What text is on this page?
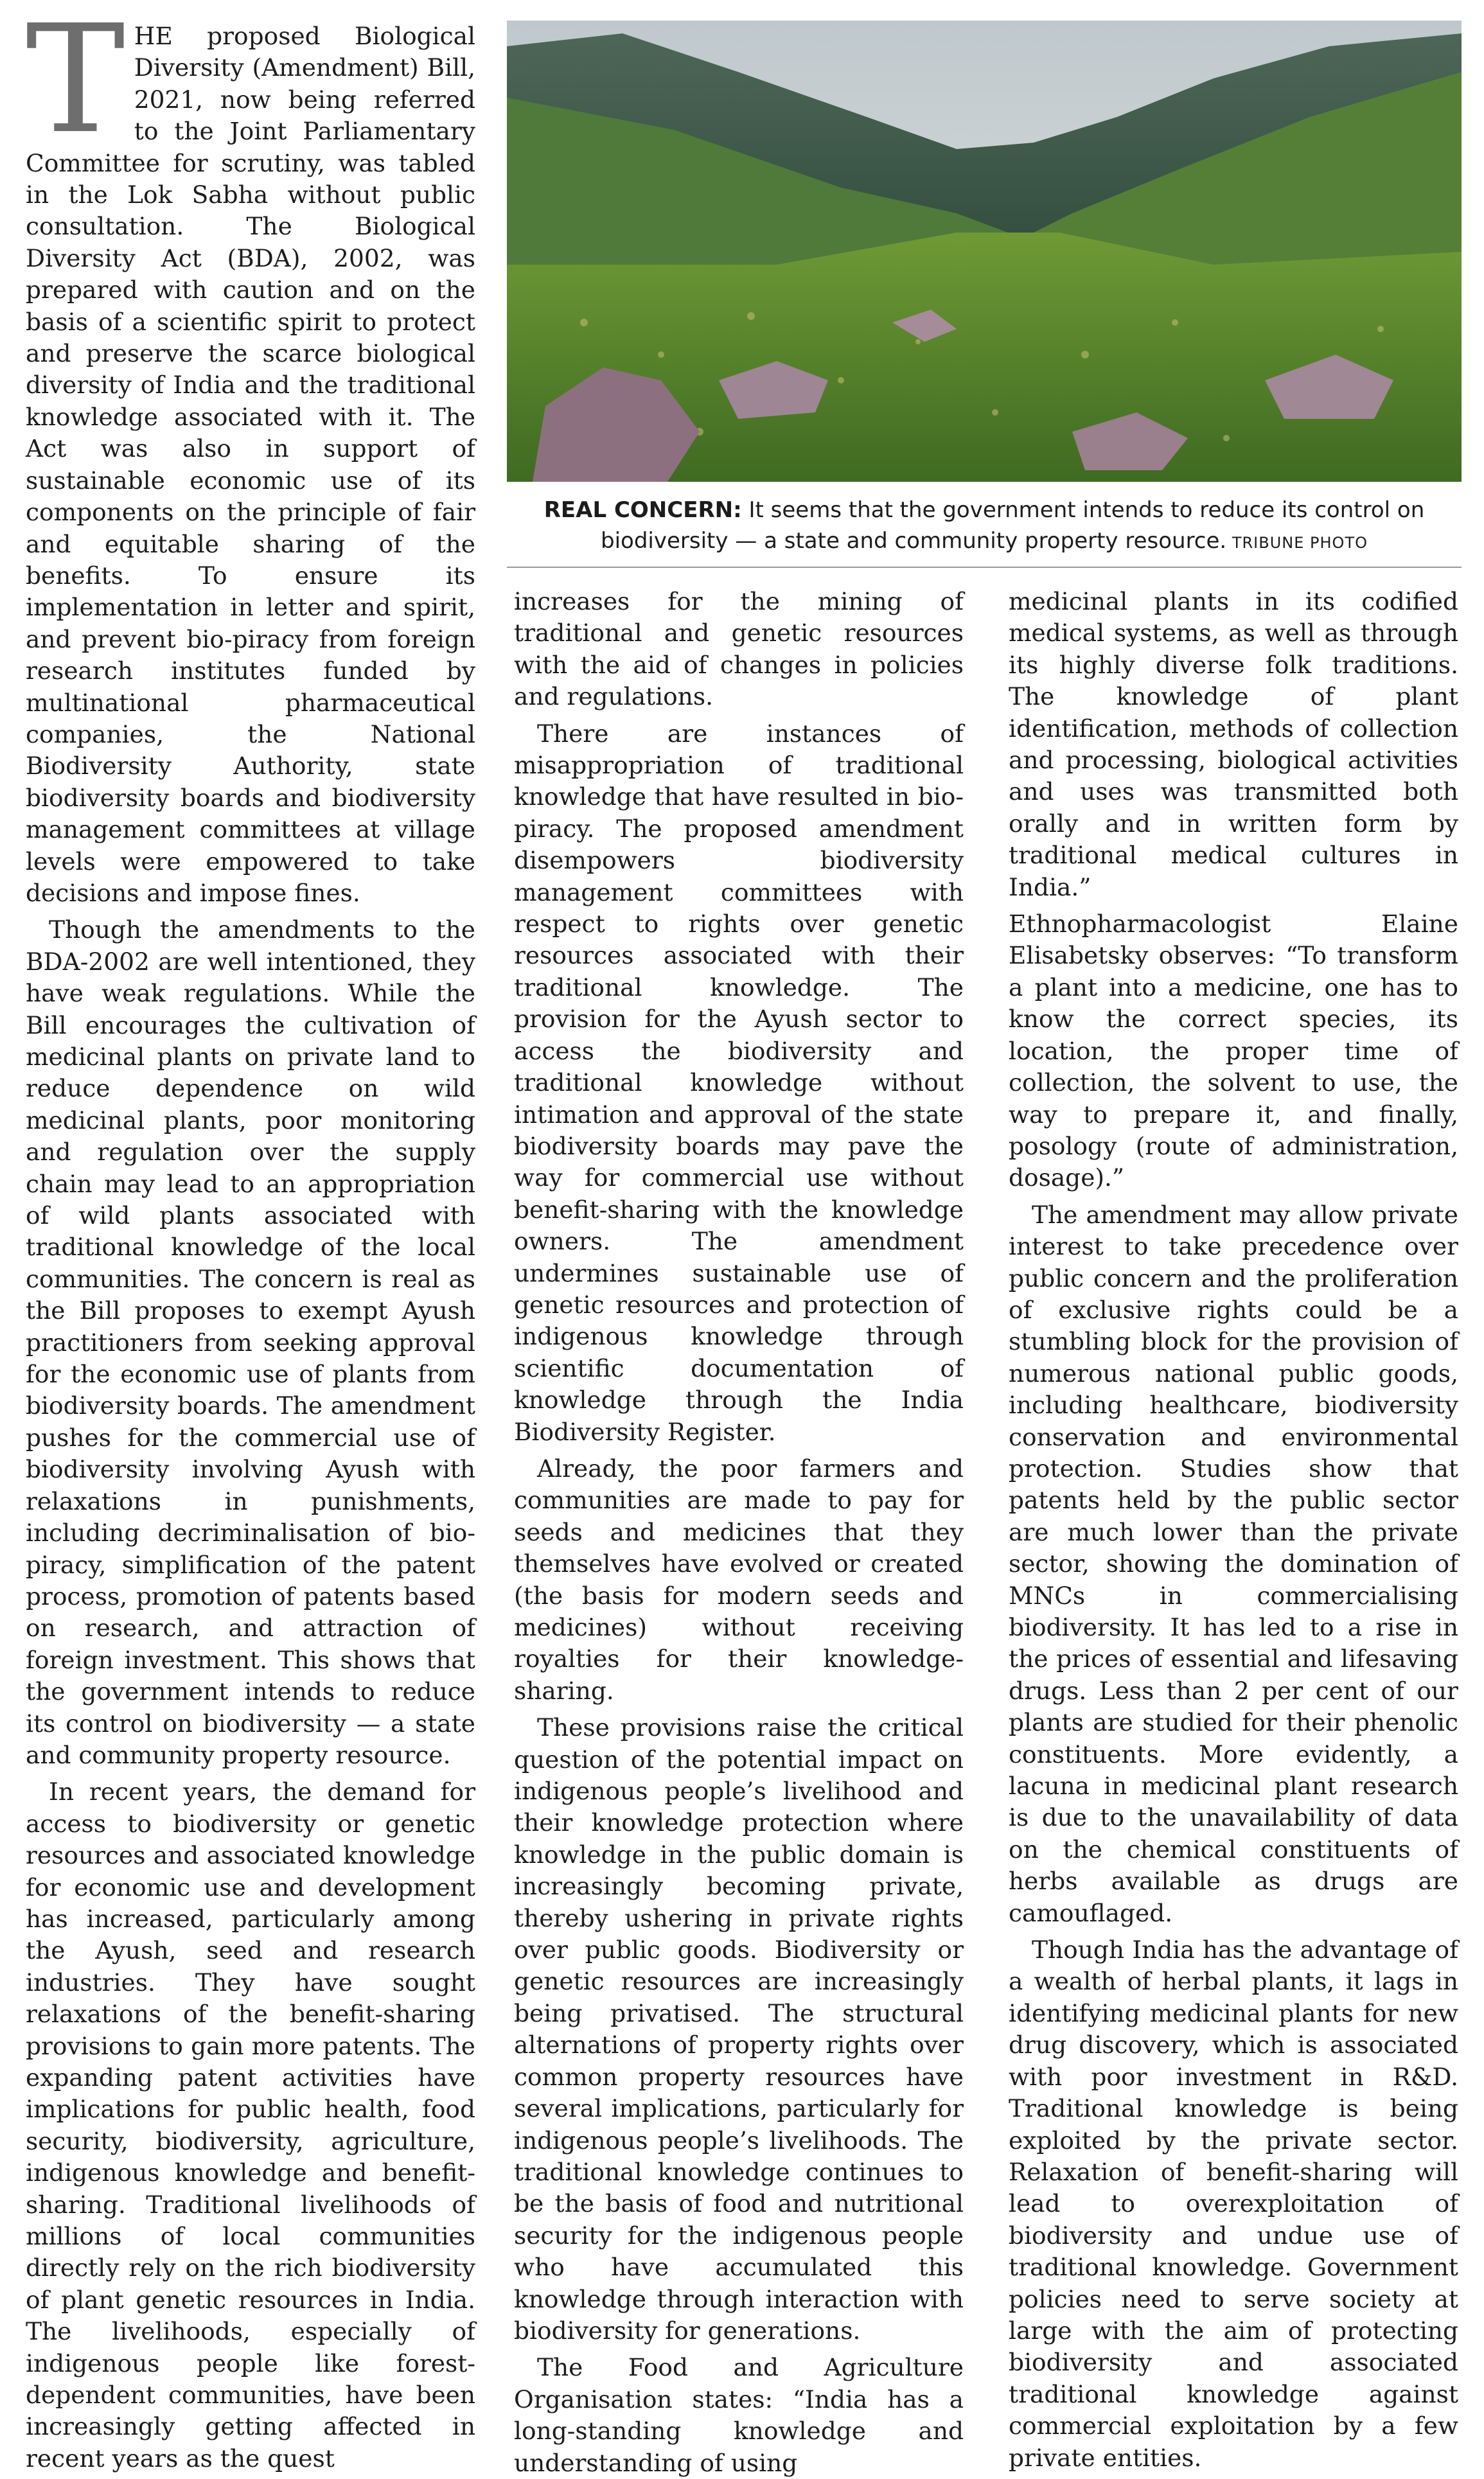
THE proposed Biological Diversity (Amendment) Bill, 2021, now being referred to the Joint Parliamentary Committee for scrutiny, was tabled in the Lok Sabha without public consultation. The Biological Diversity Act (BDA), 2002, was prepared with caution and on the basis of a scientific spirit to protect and preserve the scarce biological diversity of India and the traditional knowledge associated with it. The Act was also in support of sustainable economic use of its components on the principle of fair and equitable sharing of the benefits. To ensure its implementation in letter and spirit, and prevent bio-piracy from foreign research institutes funded by multinational pharmaceutical companies, the National Biodiversity Authority, state biodiversity boards and biodiversity management committees at village levels were empowered to take decisions and impose fines.

Though the amendments to the BDA-2002 are well intentioned, they have weak regulations. While the Bill encourages the cultivation of medicinal plants on private land to reduce dependence on wild medicinal plants, poor monitoring and regulation over the supply chain may lead to an appropriation of wild plants associated with traditional knowledge of the local communities. The concern is real as the Bill proposes to exempt Ayush practitioners from seeking approval for the economic use of plants from biodiversity boards. The amendment pushes for the commercial use of biodiversity involving Ayush with relaxations in punishments, including decriminalisation of bio-piracy, simplification of the patent process, promotion of patents based on research, and attraction of foreign investment. This shows that the government intends to reduce its control on biodiversity — a state and community property resource.

In recent years, the demand for access to biodiversity or genetic resources and associated knowledge for economic use and development has increased, particularly among the Ayush, seed and research industries. They have sought relaxations of the benefit-sharing provisions to gain more patents. The expanding patent activities have implications for public health, food security, biodiversity, agriculture, indigenous knowledge and benefit-sharing. Traditional livelihoods of millions of local communities directly rely on the rich biodiversity of plant genetic resources in India. The livelihoods, especially of indigenous people like forest-dependent communities, have been increasingly getting affected in recent years as the quest

REAL CONCERN: It seems that the government intends to reduce its control on biodiversity — a state and community property resource. TRIBUNE PHOTO

increases for the mining of traditional and genetic resources with the aid of changes in policies and regulations.

There are instances of misappropriation of traditional knowledge that have resulted in bio-piracy. The proposed amendment disempowers biodiversity management committees with respect to rights over genetic resources associated with their traditional knowledge. The provision for the Ayush sector to access the biodiversity and traditional knowledge without intimation and approval of the state biodiversity boards may pave the way for commercial use without benefit-sharing with the knowledge owners. The amendment undermines sustainable use of genetic resources and protection of indigenous knowledge through scientific documentation of knowledge through the India Biodiversity Register.

Already, the poor farmers and communities are made to pay for seeds and medicines that they themselves have evolved or created (the basis for modern seeds and medicines) without receiving royalties for their knowledge-sharing.

These provisions raise the critical question of the potential impact on indigenous people’s livelihood and their knowledge protection where knowledge in the public domain is increasingly becoming private, thereby ushering in private rights over public goods. Biodiversity or genetic resources are increasingly being privatised. The structural alternations of property rights over common property resources have several implications, particularly for indigenous people’s livelihoods. The traditional knowledge continues to be the basis of food and nutritional security for the indigenous people who have accumulated this knowledge through interaction with biodiversity for generations.

The Food and Agriculture Organisation states: “India has a long-standing knowledge and understanding of using

medicinal plants in its codified medical systems, as well as through its highly diverse folk traditions. The knowledge of plant identification, methods of collection and processing, biological activities and uses was transmitted both orally and in written form by traditional medical cultures in India.”

Ethnopharmacologist Elaine Elisabetsky observes: “To transform a plant into a medicine, one has to know the correct species, its location, the proper time of collection, the solvent to use, the way to prepare it, and finally, posology (route of administration, dosage).”

The amendment may allow private interest to take precedence over public concern and the proliferation of exclusive rights could be a stumbling block for the provision of numerous national public goods, including healthcare, biodiversity conservation and environmental protection. Studies show that patents held by the public sector are much lower than the private sector, showing the domination of MNCs in commercialising biodiversity. It has led to a rise in the prices of essential and lifesaving drugs. Less than 2 per cent of our plants are studied for their phenolic constituents. More evidently, a lacuna in medicinal plant research is due to the unavailability of data on the chemical constituents of herbs available as drugs are camouflaged.

Though India has the advantage of a wealth of herbal plants, it lags in identifying medicinal plants for new drug discovery, which is associated with poor investment in R&D. Traditional knowledge is being exploited by the private sector. Relaxation of benefit-sharing will lead to overexploitation of biodiversity and undue use of traditional knowledge. Government policies need to serve society at large with the aim of protecting biodiversity and associated traditional knowledge against commercial exploitation by a few private entities.
